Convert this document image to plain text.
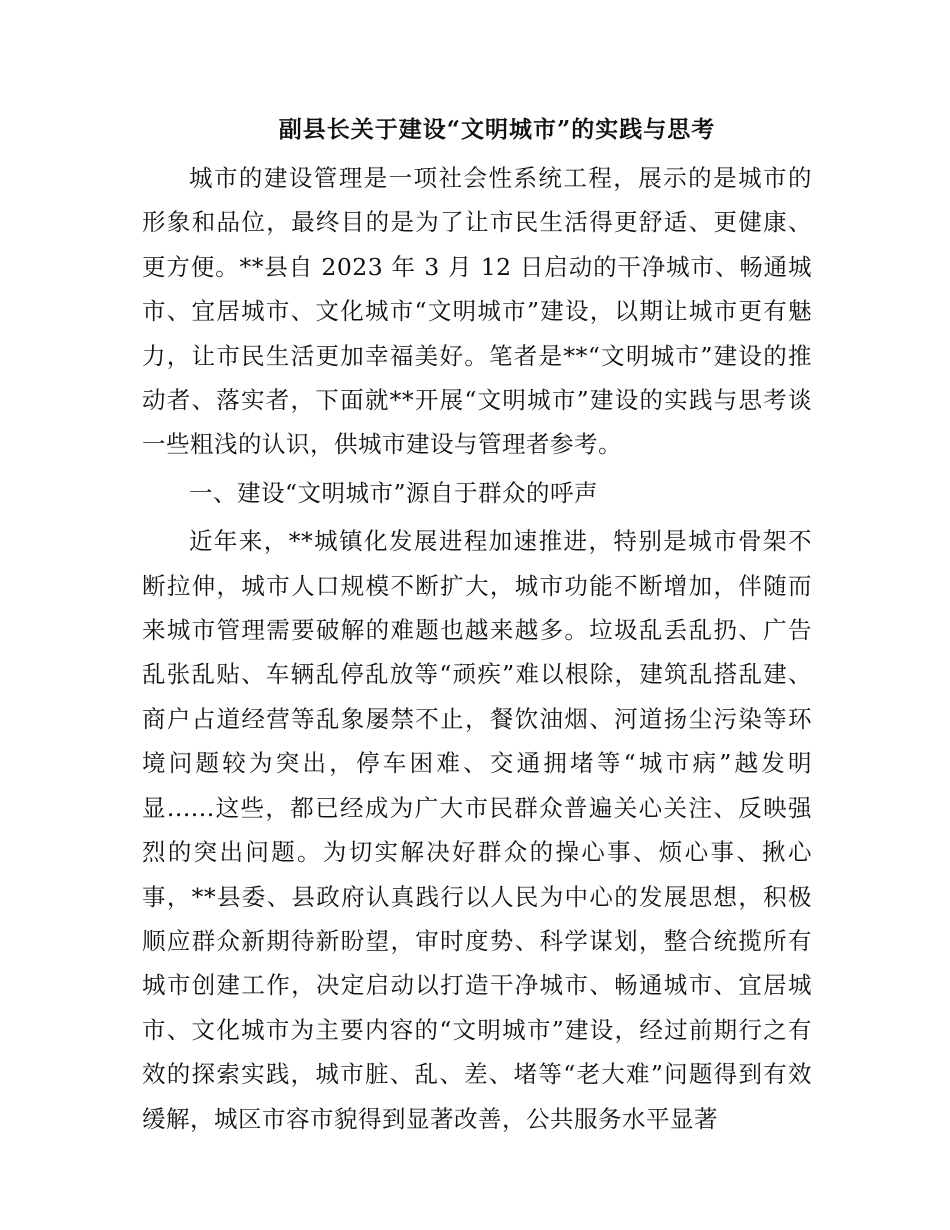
副县长关于建设“文明城市”的实践与思考

城市的建设管理是一项社会性系统工程，展示的是城市的形象和品位，最终目的是为了让市民生活得更舒适、更健康、更方便。**县自 2023 年 3 月 12 日启动的干净城市、畅通城市、宜居城市、文化城市“文明城市”建设，以期让城市更有魅力，让市民生活更加幸福美好。笔者是**“文明城市”建设的推动者、落实者，下面就**开展“文明城市”建设的实践与思考谈一些粗浅的认识，供城市建设与管理者参考。

一、建设“文明城市”源自于群众的呼声

近年来，**城镇化发展进程加速推进，特别是城市骨架不断拉伸，城市人口规模不断扩大，城市功能不断增加，伴随而来城市管理需要破解的难题也越来越多。垃圾乱丢乱扔、广告乱张乱贴、车辆乱停乱放等“顽疾”难以根除，建筑乱搭乱建、商户占道经营等乱象屡禁不止，餐饮油烟、河道扬尘污染等环境问题较为突出，停车困难、交通拥堵等“城市病”越发明显......这些，都已经成为广大市民群众普遍关心关注、反映强烈的突出问题。为切实解决好群众的操心事、烦心事、揪心事，**县委、县政府认真践行以人民为中心的发展思想，积极顺应群众新期待新盼望，审时度势、科学谋划，整合统揽所有城市创建工作，决定启动以打造干净城市、畅通城市、宜居城市、文化城市为主要内容的“文明城市”建设，经过前期行之有效的探索实践，城市脏、乱、差、堵等“老大难”问题得到有效缓解，城区市容市貌得到显著改善，公共服务水平显著
